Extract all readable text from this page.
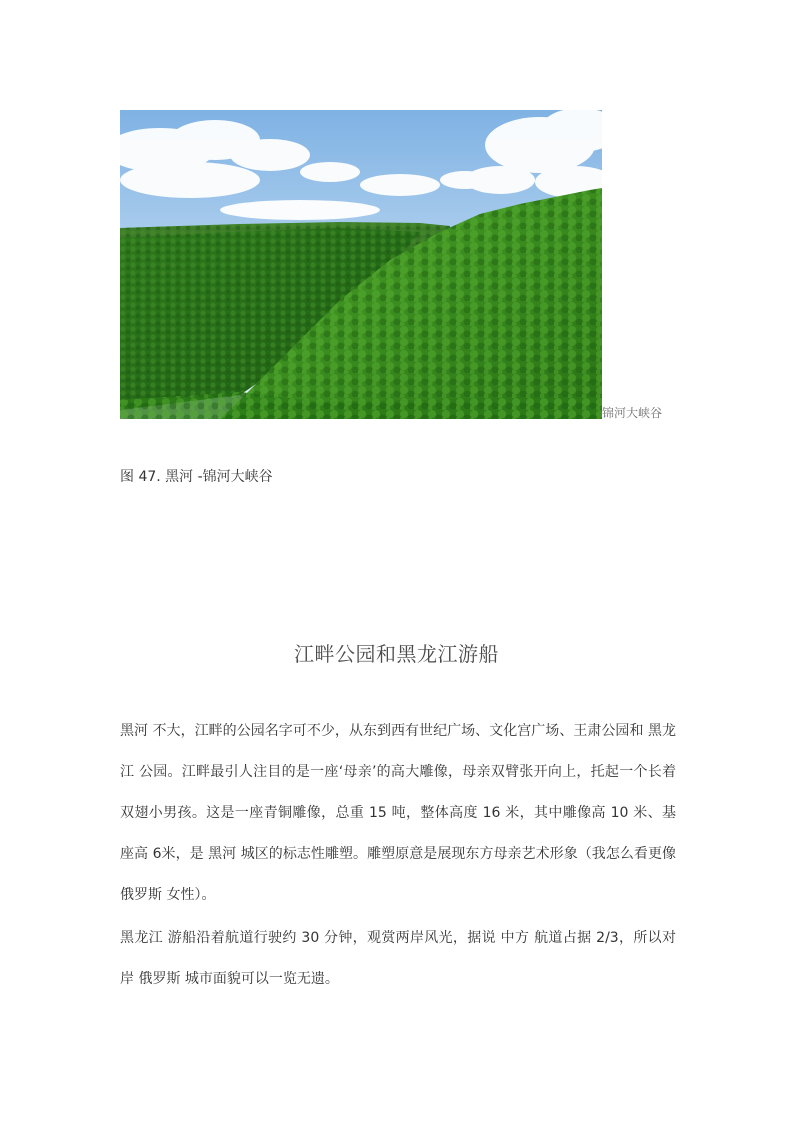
锦河大峡谷
图 47. 黑河 -锦河大峡谷
江畔公园和黑龙江游船

黑河 不大，江畔的公园名字可不少，从东到西有世纪广场、文化宫广场、王肃公园和 黑龙江 公园。江畔最引人注目的是一座‘母亲’的高大雕像，母亲双臂张开向上，托起一个长着双翅小男孩。这是一座青铜雕像，总重 15 吨，整体高度 16 米，其中雕像高 10 米、基座高 6米，是 黑河 城区的标志性雕塑。雕塑原意是展现东方母亲艺术形象（我怎么看更像 俄罗斯 女性）。

黑龙江 游船沿着航道行驶约 30 分钟，观赏两岸风光，据说 中方 航道占据 2/3，所以对岸 俄罗斯 城市面貌可以一览无遗。
